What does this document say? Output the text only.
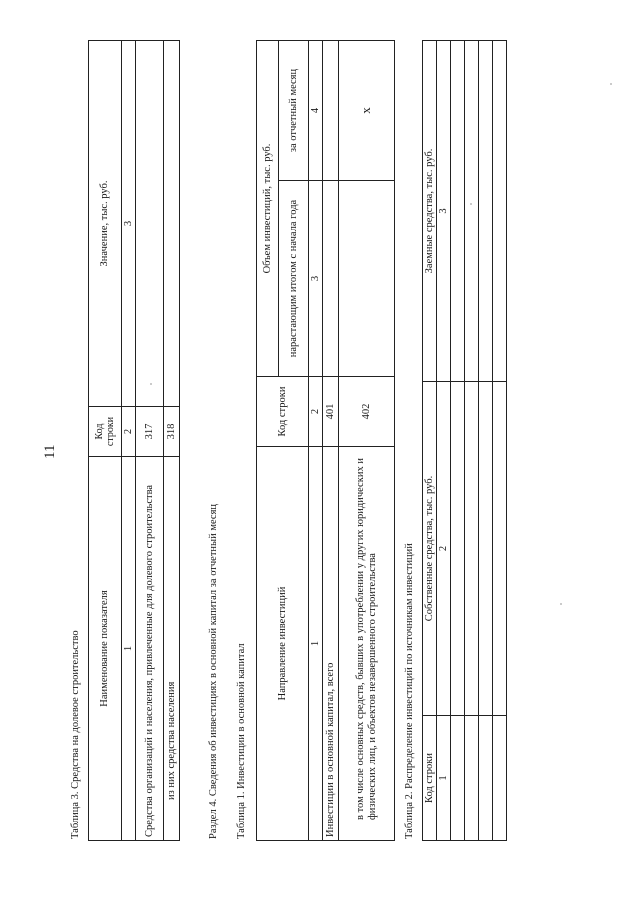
11
Таблица 3. Средства на долевое строительство Наименование показателя	Код строки	Значение, тыс. руб.
1	2	3
Средства организаций и населения, привлеченные для долевого строительства	317	
из них средства населения	318	
Раздел 4. Сведения об инвестициях в основной капитал за отчетный месяц Таблица 1. Инвестиции в основной капитал	Направление инвестиций	Код строки	Объем инвестиций, тыс. руб.	
		нарастающим итогом с начала года	за отчетный месяц
1	2	3	4
Инвестиции в основной капитал, всего	401		
в том числе основных средств, бывших в употреблении у других юридических и физических лиц, и объектов незавершенного строительства	402		х
Таблица 2. Распределение инвестиций по источникам инвестиций Код строки	Собственные средства, тыс. руб.	Заемные средства, тыс. руб.
1	2	3
